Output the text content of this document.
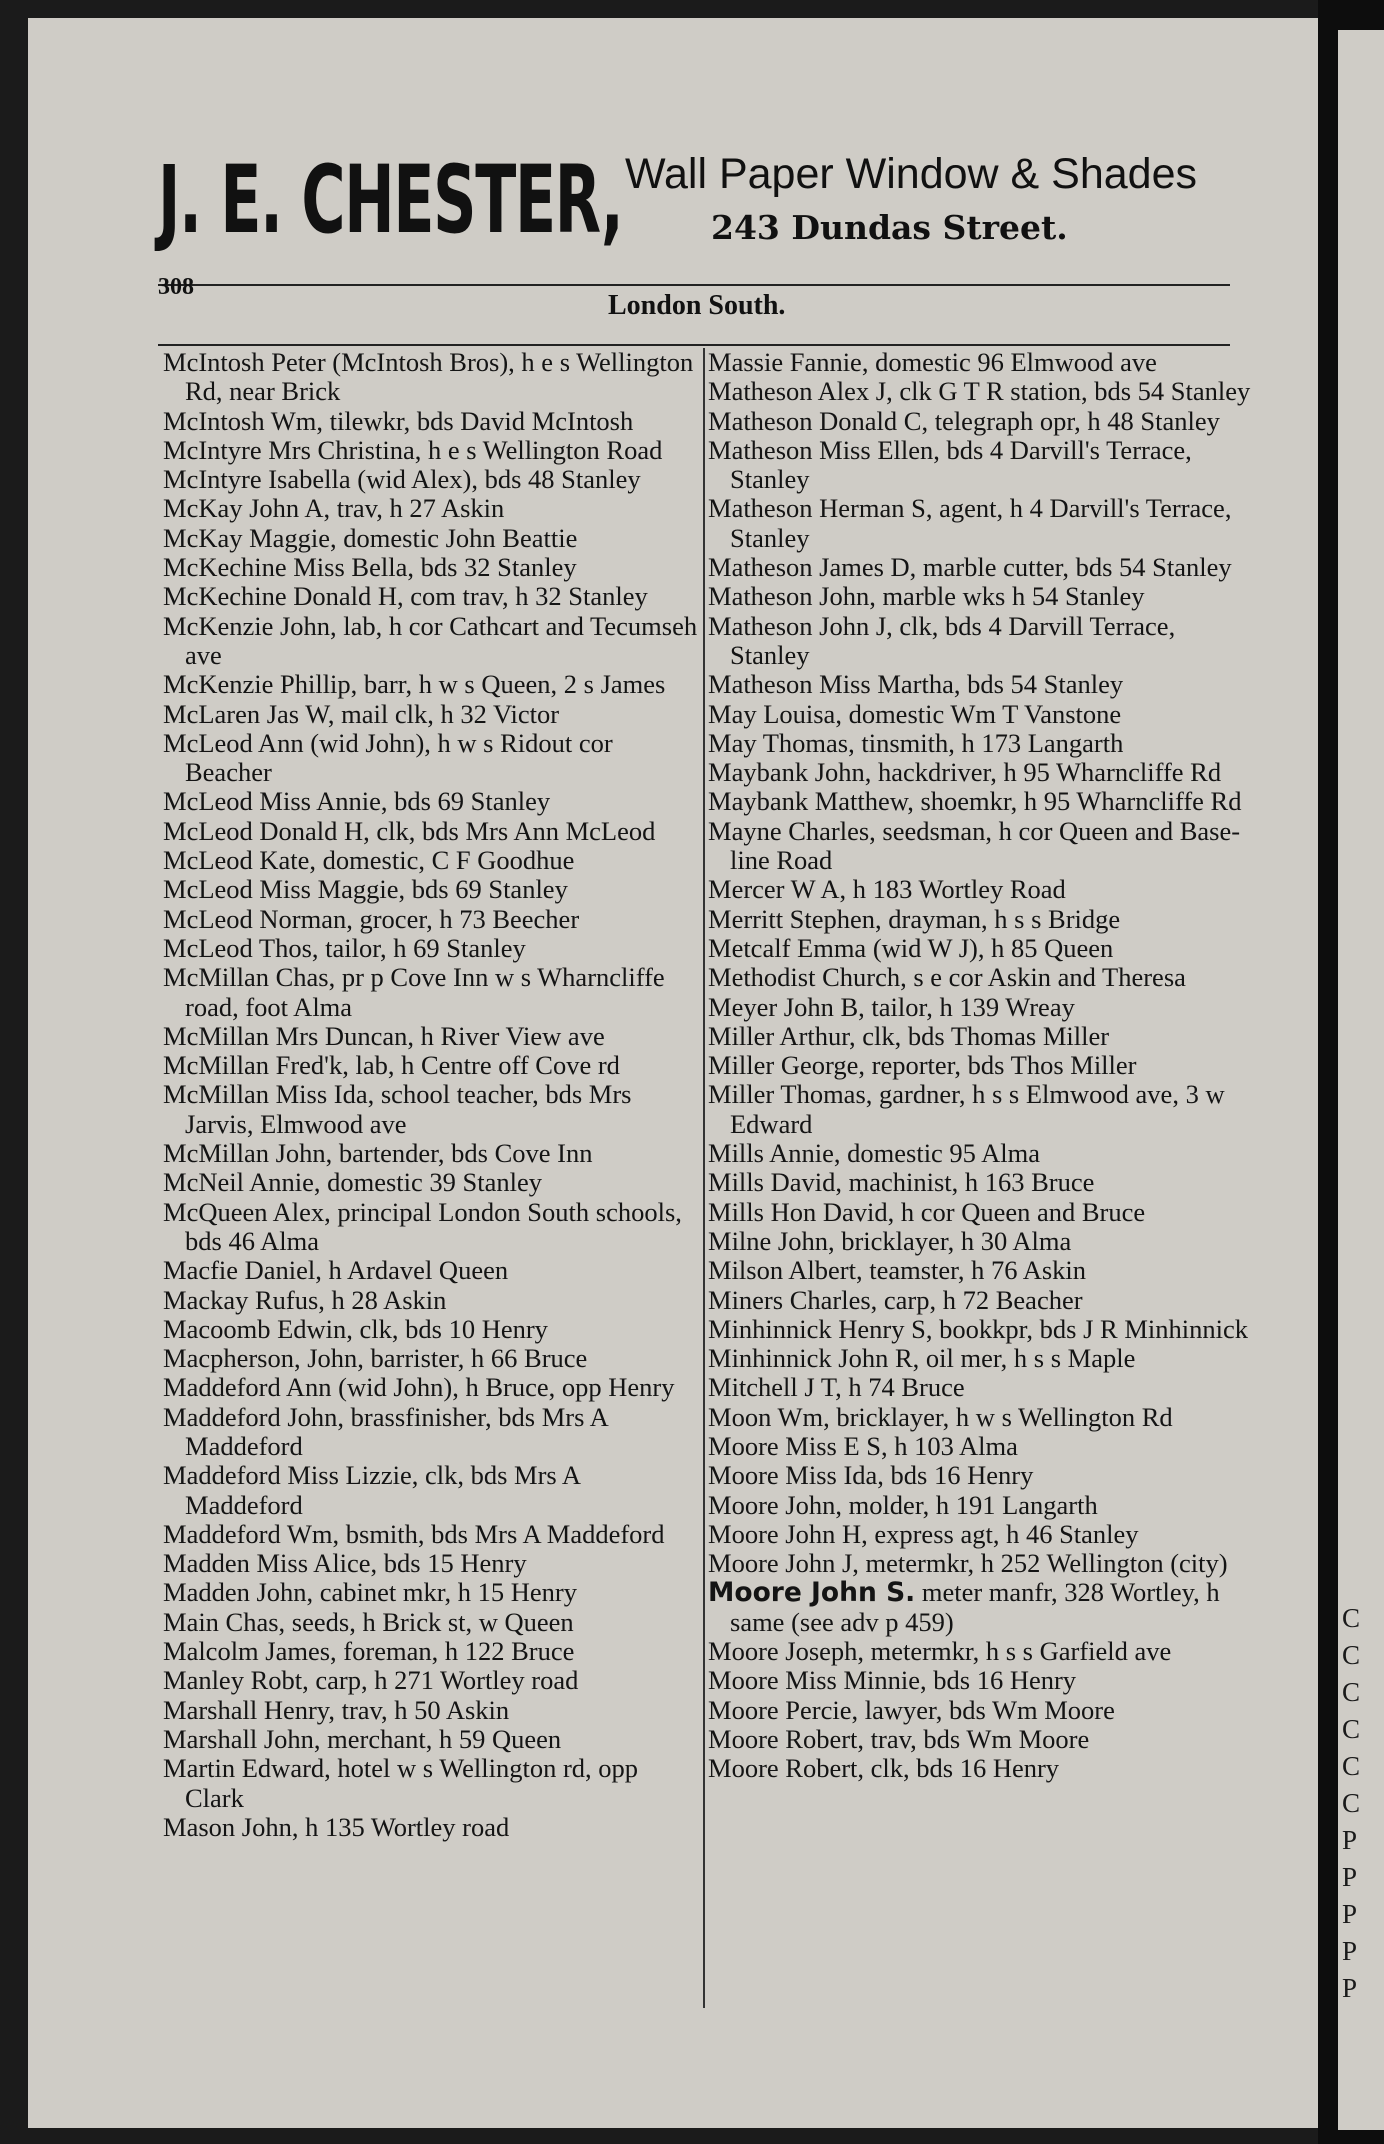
J. E. CHESTER, Wall Paper Window & Shades
243 Dundas Street.
308
London South.
McIntosh Peter (McIntosh Bros), h e s Wellington Rd, near Brick
McIntosh Wm, tilewkr, bds David McIntosh
McIntyre Mrs Christina, h e s Wellington Road
McIntyre Isabella (wid Alex), bds 48 Stanley
McKay John A, trav, h 27 Askin
McKay Maggie, domestic John Beattie
McKechine Miss Bella, bds 32 Stanley
McKechine Donald H, com trav, h 32 Stanley
McKenzie John, lab, h cor Cathcart and Tecumseh ave
McKenzie Phillip, barr, h w s Queen, 2 s James
McLaren Jas W, mail clk, h 32 Victor
McLeod Ann (wid John), h w s Ridout cor Beacher
McLeod Miss Annie, bds 69 Stanley
McLeod Donald H, clk, bds Mrs Ann McLeod
McLeod Kate, domestic, C F Goodhue
McLeod Miss Maggie, bds 69 Stanley
McLeod Norman, grocer, h 73 Beecher
McLeod Thos, tailor, h 69 Stanley
McMillan Chas, pr p Cove Inn w s Wharncliffe road, foot Alma
McMillan Mrs Duncan, h River View ave
McMillan Fred'k, lab, h Centre off Cove rd
McMillan Miss Ida, school teacher, bds Mrs Jarvis, Elmwood ave
McMillan John, bartender, bds Cove Inn
McNeil Annie, domestic 39 Stanley
McQueen Alex, principal London South schools, bds 46 Alma
Macfie Daniel, h Ardavel Queen
Mackay Rufus, h 28 Askin
Macoomb Edwin, clk, bds 10 Henry
Macpherson, John, barrister, h 66 Bruce
Maddeford Ann (wid John), h Bruce, opp Henry
Maddeford John, brassfinisher, bds Mrs A Maddeford
Maddeford Miss Lizzie, clk, bds Mrs A Maddeford
Maddeford Wm, bsmith, bds Mrs A Maddeford
Madden Miss Alice, bds 15 Henry
Madden John, cabinet mkr, h 15 Henry
Main Chas, seeds, h Brick st, w Queen
Malcolm James, foreman, h 122 Bruce
Manley Robt, carp, h 271 Wortley road
Marshall Henry, trav, h 50 Askin
Marshall John, merchant, h 59 Queen
Martin Edward, hotel w s Wellington rd, opp Clark
Mason John, h 135 Wortley road
Massie Fannie, domestic 96 Elmwood ave
Matheson Alex J, clk G T R station, bds 54 Stanley
Matheson Donald C, telegraph opr, h 48 Stanley
Matheson Miss Ellen, bds 4 Darvill's Terrace, Stanley
Matheson Herman S, agent, h 4 Darvill's Terrace, Stanley
Matheson James D, marble cutter, bds 54 Stanley
Matheson John, marble wks h 54 Stanley
Matheson John J, clk, bds 4 Darvill Terrace, Stanley
Matheson Miss Martha, bds 54 Stanley
May Louisa, domestic Wm T Vanstone
May Thomas, tinsmith, h 173 Langarth
Maybank John, hackdriver, h 95 Wharncliffe Rd
Maybank Matthew, shoemkr, h 95 Wharncliffe Rd
Mayne Charles, seedsman, h cor Queen and Base-line Road
Mercer W A, h 183 Wortley Road
Merritt Stephen, drayman, h s s Bridge
Metcalf Emma (wid W J), h 85 Queen
Methodist Church, s e cor Askin and Theresa
Meyer John B, tailor, h 139 Wreay
Miller Arthur, clk, bds Thomas Miller
Miller George, reporter, bds Thos Miller
Miller Thomas, gardner, h s s Elmwood ave, 3 w Edward
Mills Annie, domestic 95 Alma
Mills David, machinist, h 163 Bruce
Mills Hon David, h cor Queen and Bruce
Milne John, bricklayer, h 30 Alma
Milson Albert, teamster, h 76 Askin
Miners Charles, carp, h 72 Beacher
Minhinnick Henry S, bookkpr, bds J R Minhinnick
Minhinnick John R, oil mer, h s s Maple
Mitchell J T, h 74 Bruce
Moon Wm, bricklayer, h w s Wellington Rd
Moore Miss E S, h 103 Alma
Moore Miss Ida, bds 16 Henry
Moore John, molder, h 191 Langarth
Moore John H, express agt, h 46 Stanley
Moore John J, metermkr, h 252 Wellington (city)
Moore John S. meter manfr, 328 Wortley, h same (see adv p 459)
Moore Joseph, metermkr, h s s Garfield ave
Moore Miss Minnie, bds 16 Henry
Moore Percie, lawyer, bds Wm Moore
Moore Robert, trav, bds Wm Moore
Moore Robert, clk, bds 16 Henry
C
C
C
C
C
C
P
P
P
P
P
